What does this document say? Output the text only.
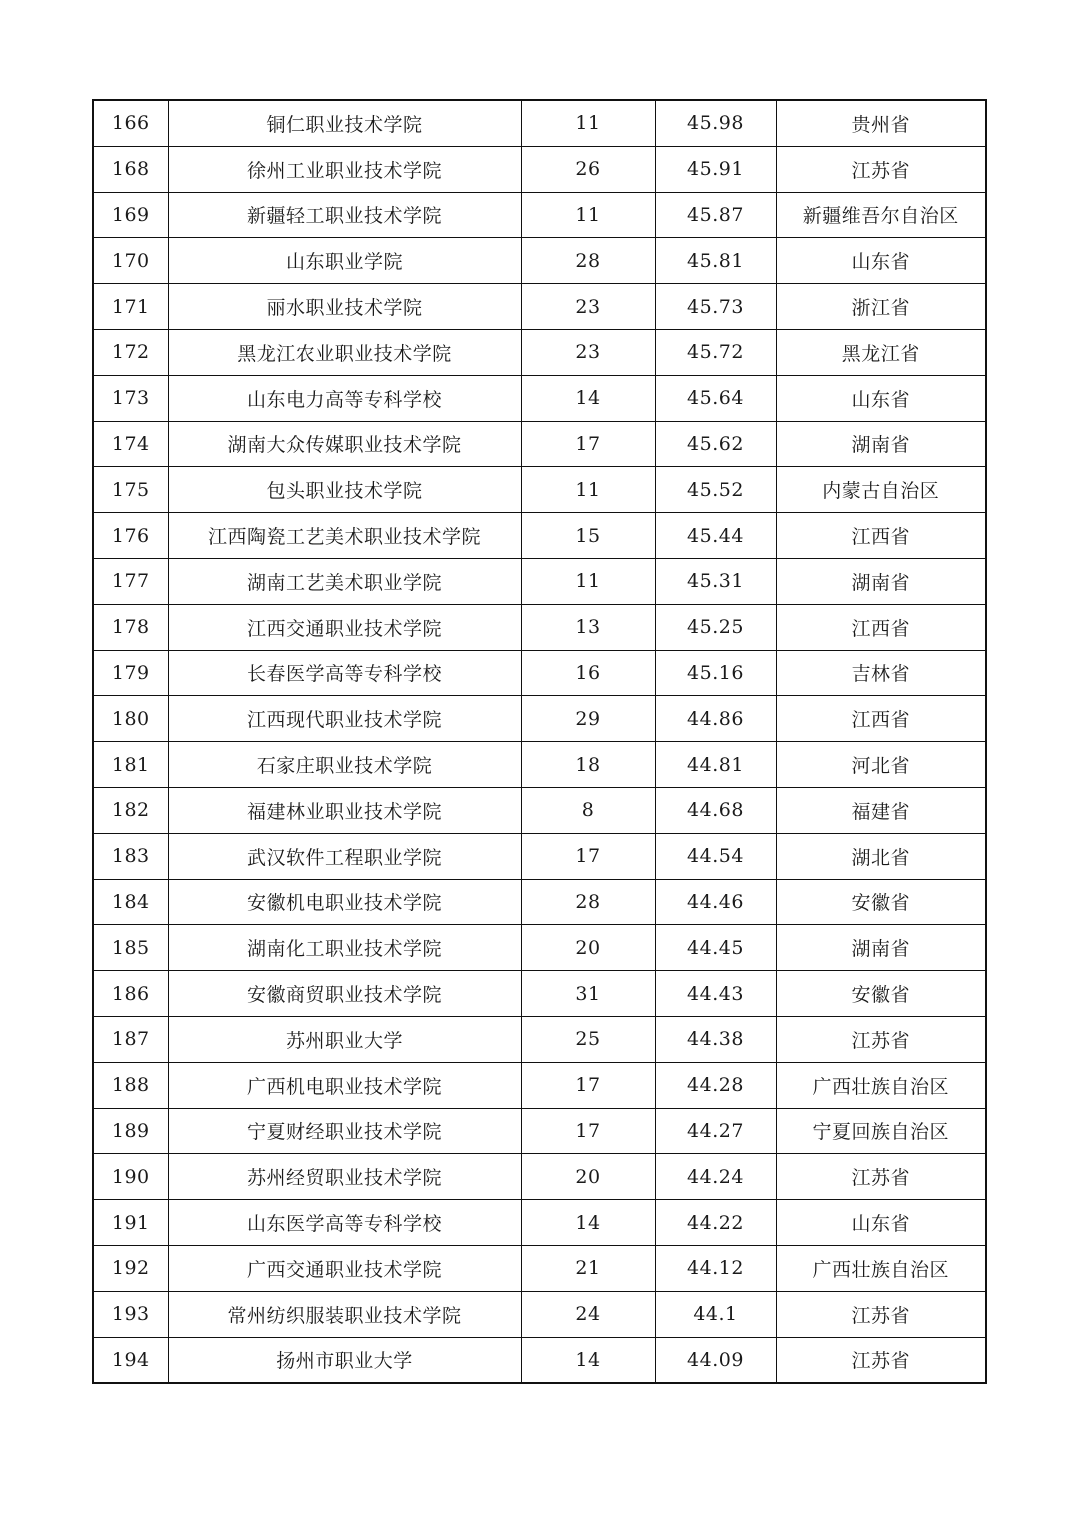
166	铜仁职业技术学院	11	45.98	贵州省
168	徐州工业职业技术学院	26	45.91	江苏省
169	新疆轻工职业技术学院	11	45.87	新疆维吾尔自治区
170	山东职业学院	28	45.81	山东省
171	丽水职业技术学院	23	45.73	浙江省
172	黑龙江农业职业技术学院	23	45.72	黑龙江省
173	山东电力高等专科学校	14	45.64	山东省
174	湖南大众传媒职业技术学院	17	45.62	湖南省
175	包头职业技术学院	11	45.52	内蒙古自治区
176	江西陶瓷工艺美术职业技术学院	15	45.44	江西省
177	湖南工艺美术职业学院	11	45.31	湖南省
178	江西交通职业技术学院	13	45.25	江西省
179	长春医学高等专科学校	16	45.16	吉林省
180	江西现代职业技术学院	29	44.86	江西省
181	石家庄职业技术学院	18	44.81	河北省
182	福建林业职业技术学院	8	44.68	福建省
183	武汉软件工程职业学院	17	44.54	湖北省
184	安徽机电职业技术学院	28	44.46	安徽省
185	湖南化工职业技术学院	20	44.45	湖南省
186	安徽商贸职业技术学院	31	44.43	安徽省
187	苏州职业大学	25	44.38	江苏省
188	广西机电职业技术学院	17	44.28	广西壮族自治区
189	宁夏财经职业技术学院	17	44.27	宁夏回族自治区
190	苏州经贸职业技术学院	20	44.24	江苏省
191	山东医学高等专科学校	14	44.22	山东省
192	广西交通职业技术学院	21	44.12	广西壮族自治区
193	常州纺织服装职业技术学院	24	44.1	江苏省
194	扬州市职业大学	14	44.09	江苏省
